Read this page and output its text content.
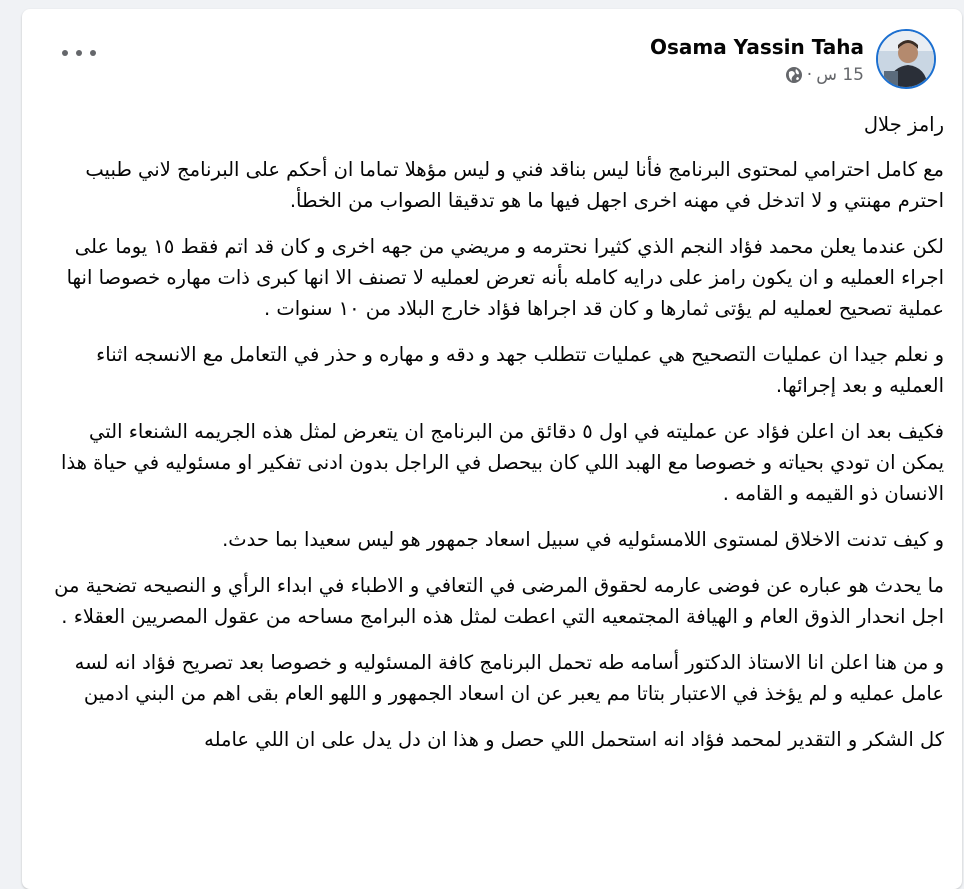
Osama Yassin Taha
15 س
·

رامز جلال

مع كامل احترامي لمحتوى البرنامج فأنا ليس بناقد فني و ليس مؤهلا تماما ان أحكم على البرنامج لاني طبيب احترم مهنتي و لا اتدخل في مهنه اخرى اجهل فيها ما هو تدقيقا الصواب من الخطأ.

لكن عندما يعلن محمد فؤاد النجم الذي كثيرا نحترمه و مريضي من جهه اخرى و كان قد اتم فقط ١٥ يوما على اجراء العمليه و ان يكون رامز على درايه كامله بأنه تعرض لعمليه لا تصنف الا انها كبرى ذات مهاره خصوصا انها عملية تصحيح لعمليه لم يؤتى ثمارها و كان قد اجراها فؤاد خارج البلاد من ١٠ سنوات .

و نعلم جيدا ان عمليات التصحيح هي عمليات تتطلب جهد و دقه و مهاره و حذر في التعامل مع الانسجه اثناء العمليه و بعد إجرائها.

فكيف بعد ان اعلن فؤاد عن عمليته في اول ٥ دقائق من البرنامج ان يتعرض لمثل هذه الجريمه الشنعاء التي يمكن ان تودي بحياته و خصوصا مع الهبد اللي كان بيحصل في الراجل بدون ادنى تفكير او مسئوليه في حياة هذا الانسان ذو القيمه و القامه .

و كيف تدنت الاخلاق لمستوى اللامسئوليه في سبيل اسعاد جمهور هو ليس سعيدا بما حدث.

ما يحدث هو عباره عن فوضى عارمه لحقوق المرضى في التعافي و الاطباء في ابداء الرأي و النصيحه تضحية من اجل انحدار الذوق العام و الهيافة المجتمعيه التي اعطت لمثل هذه البرامج مساحه من عقول المصريين العقلاء .

و من هنا اعلن انا الاستاذ الدكتور أسامه طه تحمل البرنامج كافة المسئوليه و خصوصا بعد تصريح فؤاد انه لسه عامل عمليه و لم يؤخذ في الاعتبار بتاتا مم يعبر عن ان اسعاد الجمهور و اللهو العام بقى اهم من البني ادمين

كل الشكر و التقدير لمحمد فؤاد انه استحمل اللي حصل و هذا ان دل يدل على ان اللي عامله
